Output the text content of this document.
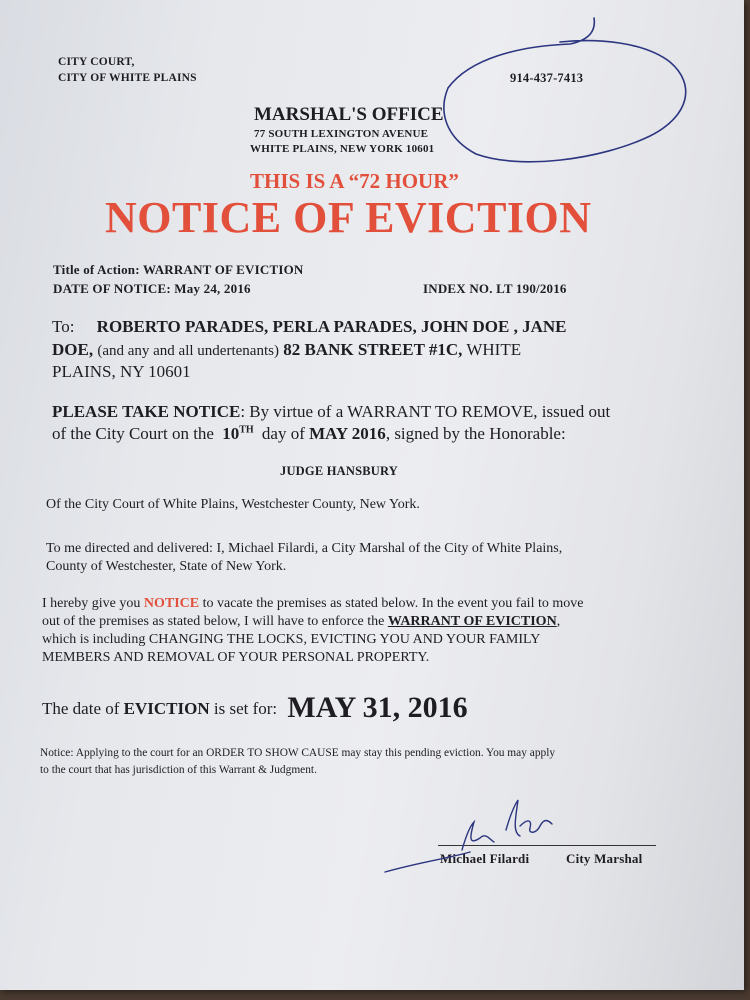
CITY COURT,
CITY OF WHITE PLAINS	914-437-7413
MARSHAL'S OFFICE
77 SOUTH LEXINGTON AVENUE
WHITE PLAINS, NEW YORK 10601
THIS IS A “72 HOUR”
NOTICE OF EVICTION
Title of Action: WARRANT OF EVICTION
DATE OF NOTICE: May 24, 2016	INDEX NO. LT 190/2016
To: ROBERTO PARADES, PERLA PARADES, JOHN DOE , JANE
DOE, (and any and all undertenants) 82 BANK STREET #1C, WHITE
PLAINS, NY 10601
PLEASE TAKE NOTICE: By virtue of a WARRANT TO REMOVE, issued out
of the City Court on the 10TH day of MAY 2016, signed by the Honorable:
JUDGE HANSBURY
Of the City Court of White Plains, Westchester County, New York.
To me directed and delivered: I, Michael Filardi, a City Marshal of the City of White Plains,
County of Westchester, State of New York.
I hereby give you NOTICE to vacate the premises as stated below. In the event you fail to move
out of the premises as stated below, I will have to enforce the WARRANT OF EVICTION,
which is including CHANGING THE LOCKS, EVICTING YOU AND YOUR FAMILY
MEMBERS AND REMOVAL OF YOUR PERSONAL PROPERTY.
The date of EVICTION is set for: MAY 31, 2016
Notice: Applying to the court for an ORDER TO SHOW CAUSE may stay this pending eviction. You may apply
to the court that has jurisdiction of this Warrant & Judgment.
Michael Filardi	City Marshal
